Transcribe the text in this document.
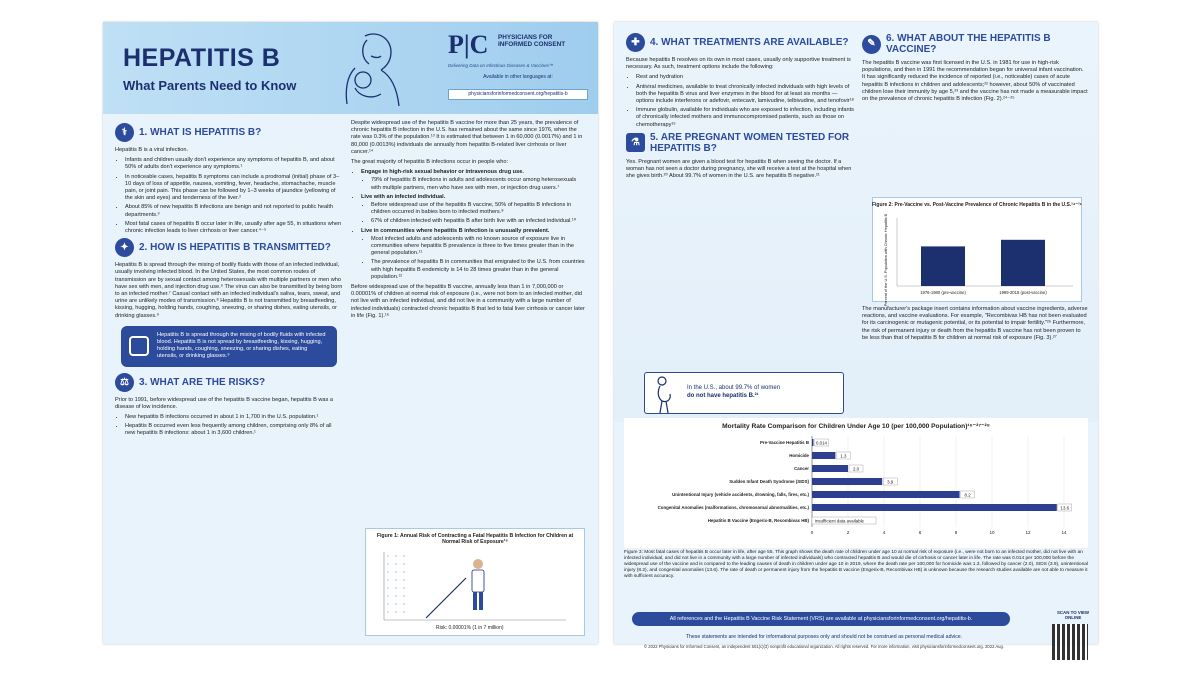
HEPATITIS B
What Parents Need to Know
P|C PHYSICIANS FOR INFORMED CONSENT
Delivering Data on Infectious Diseases & Vaccines™
Available in other languages at:
physiciansforinformedconsent.org/hepatitis-b
⚕	1. WHAT IS HEPATITIS B?

Hepatitis B is a viral infection.

• Infants and children usually don't experience any symptoms of hepatitis B, and about 50% of adults don't experience any symptoms.¹
• In noticeable cases, hepatitis B symptoms can include a prodromal (initial) phase of 3–10 days of loss of appetite, nausea, vomiting, fever, headache, stomachache, muscle pain, or joint pain. This phase can be followed by 1–3 weeks of jaundice (yellowing of the skin and eyes) and tenderness of the liver.²
• About 85% of new hepatitis B infections are benign and not reported to public health departments.³
• Most fatal cases of hepatitis B occur later in life, usually after age 55, in situations when chronic infection leads to liver cirrhosis or liver cancer.⁴⁻⁵
✦	2. HOW IS HEPATITIS B TRANSMITTED?

Hepatitis B is spread through the mixing of bodily fluids with those of an infected individual, usually involving infected blood. In the United States, the most common routes of transmission are by sexual contact among heterosexuals with multiple partners or men who have sex with men, and injection drug use.⁶ The virus can also be transmitted by being born to an infected mother.⁷ Casual contact with an infected individual's saliva, tears, sweat, and urine are unlikely modes of transmission.⁸ Hepatitis B is not transmitted by breastfeeding, kissing, hugging, holding hands, coughing, sneezing, or sharing dishes, eating utensils, or drinking glasses.⁹

Hepatitis B is spread through the mixing of bodily fluids with infected blood. Hepatitis B is not spread by breastfeeding, kissing, hugging, holding hands, coughing, sneezing, or sharing dishes, eating utensils, or drinking glasses.⁹
⚖	3. WHAT ARE THE RISKS?

Prior to 1991, before widespread use of the hepatitis B vaccine began, hepatitis B was a disease of low incidence.

• New hepatitis B infections occurred in about 1 in 1,700 in the U.S. population.¹
• Hepatitis B occurred even less frequently among children, comprising only 8% of all new hepatitis B infections: about 1 in 3,600 children.¹

Despite widespread use of the hepatitis B vaccine for more than 25 years, the prevalence of chronic hepatitis B infection in the U.S. has remained about the same since 1976, when the rate was 0.3% of the population.¹³ It is estimated that between 1 in 60,000 (0.0017%) and 1 in 80,000 (0.0013%) individuals die annually from hepatitis B-related liver cirrhosis or liver cancer.¹⁴

The great majority of hepatitis B infections occur in people who:

• Engage in high-risk sexual behavior or intravenous drug use.
• 79% of hepatitis B infections in adults and adolescents occur among heterosexuals with multiple partners, men who have sex with men, or injection drug users.⁷
• Live with an infected individual.
• Before widespread use of the hepatitis B vaccine, 50% of hepatitis B infections in children occurred in babies born to infected mothers.⁸
• 67% of children infected with hepatitis B after birth live with an infected individual.¹⁰
• Live in communities where hepatitis B infection is unusually prevalent.
• Most infected adults and adolescents with no known source of exposure live in communities where hepatitis B prevalence is three to five times greater than in the general population.¹¹
• The prevalence of hepatitis B in communities that emigrated to the U.S. from countries with high hepatitis B endemicity is 14 to 28 times greater than in the general population.¹²

Before widespread use of the hepatitis B vaccine, annually less than 1 in 7,000,000 or 0.00001% of children at normal risk of exposure (i.e., were not born to an infected mother, did not live with an infected individual, and did not live in a community with a large number of infected individuals) contracted chronic hepatitis B that led to fatal liver cirrhosis or cancer later in life (Fig. 1).¹⁶

Figure 1: Annual Risk of Contracting a Fatal Hepatitis B Infection for Children at Normal Risk of Exposure¹⁶
Risk: 0.00001% (1 in 7 million)
✚	4. WHAT TREATMENTS ARE AVAILABLE?

Because hepatitis B resolves on its own in most cases, usually only supportive treatment is necessary. As such, treatment options include the following:

• Rest and hydration
• Antiviral medicines, available to treat chronically infected individuals with high levels of both the hepatitis B virus and liver enzymes in the blood for at least six months — options include interferons or adefovir, entecavir, lamivudine, telbivudine, and tenofovir¹⁸
• Immune globulin, available for individuals who are exposed to infection, including infants of chronically infected mothers and immunocompromised patients, such as those on chemotherapy¹⁹
⚗	5. ARE PREGNANT WOMEN TESTED FOR HEPATITIS B?

Yes. Pregnant women are given a blood test for hepatitis B when seeing the doctor. If a woman has not seen a doctor during pregnancy, she will receive a test at the hospital when she gives birth.²⁰ About 99.7% of women in the U.S. are hepatitis B negative.²¹

In the U.S., about 99.7% of women
do not have hepatitis B.²¹
✎	6. WHAT ABOUT THE HEPATITIS B VACCINE?

The hepatitis B vaccine was first licensed in the U.S. in 1981 for use in high-risk populations, and then in 1991 the recommendation began for universal infant vaccination. It has significantly reduced the incidence of reported (i.e., noticeable) cases of acute hepatitis B infections in children and adolescents;²² however, about 50% of vaccinated children lose their immunity by age 5,²³ and the vaccine has not made a measurable impact on the prevalence of chronic hepatitis B infection (Fig. 2).²⁴⁻²⁵

Figure 2: Pre-Vaccine vs. Post-Vaccine Prevalence of Chronic Hepatitis B in the U.S.²⁴⁻²⁵
Percent of the U.S. Population with Chronic Hepatitis B	1976-1980 (pre-vaccine)	1999-2018 (post-vaccine)

The manufacturer's package insert contains information about vaccine ingredients, adverse reactions, and vaccine evaluations. For example, "Recombivax HB has not been evaluated for its carcinogenic or mutagenic potential, or its potential to impair fertility."²⁶ Furthermore, the risk of permanent injury or death from the hepatitis B vaccine has not been proven to be less than that of hepatitis B for children at normal risk of exposure (Fig. 3).²⁷

Mortality Rate Comparison for Children Under Age 10 (per 100,000 Population)¹⁶⁻²⁷⁻²⁸
0	2	4	6	8	10	12	14
Pre-Vaccine Hepatitis B 0.014
Homicide	1.3
Cancer	2.0
Sudden Infant Death Syndrome (SIDS)	3.9
Unintentional Injury (vehicle accidents, drowning, falls, fires, etc.)	8.2
Congenital Anomalies (malformations, chromosomal abnormalities, etc.)	13.6
Hepatitis B Vaccine (Engerix-B, Recombivax HB) insufficient data available
Figure 3: Most fatal cases of hepatitis B occur later in life, after age 55. This graph shows the death rate of children under age 10 at normal risk of exposure (i.e., were not born to an infected mother, did not live with an infected individual, and did not live in a community with a large number of infected individuals) who contracted hepatitis B and would die of cirrhosis or cancer later in life. The rate was 0.014 per 100,000 before the widespread use of the vaccine and is compared to the leading causes of death in children under age 10 in 2019, where the death rate per 100,000 for homicide was 1.3, followed by cancer (2.0), SIDS (3.9), unintentional injury (8.2), and congenital anomalies (13.6). The rate of death or permanent injury from the hepatitis B vaccine (Engerix-B, Recombivax HB) is unknown because the research studies available are not able to measure it with sufficient accuracy.
All references and the Hepatitis B Vaccine Risk Statement (VRS) are available at physiciansforinformedconsent.org/hepatitis-b.
These statements are intended for informational purposes only and should not be construed as personal medical advice.
© 2022 Physicians for Informed Consent, an independent 501(c)(3) nonprofit educational organization. All rights reserved. For more information, visit physiciansforinformedconsent.org. 2022 Aug.
SCAN TO VIEW ONLINE
